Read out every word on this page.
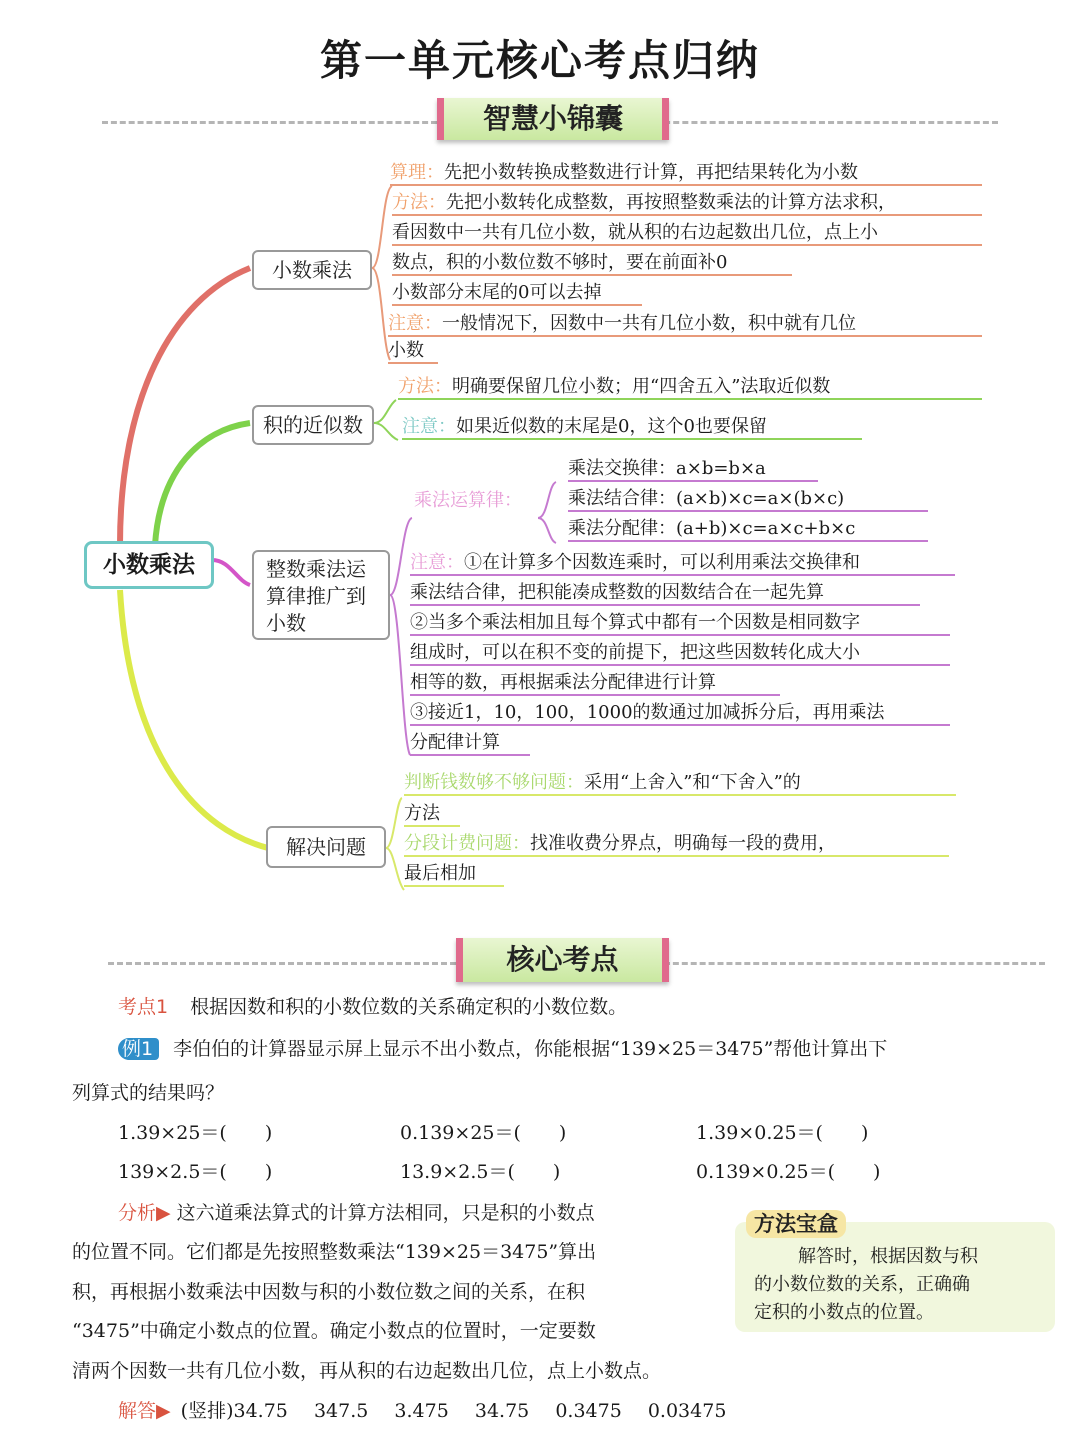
第一单元核心考点归纳
智慧小锦囊
小数乘法
小数乘法
算理：先把小数转换成整数进行计算，再把结果转化为小数
方法：先把小数转化成整数，再按照整数乘法的计算方法求积，
看因数中一共有几位小数，就从积的右边起数出几位，点上小
数点，积的小数位数不够时，要在前面补0
小数部分末尾的0可以去掉
注意：一般情况下，因数中一共有几位小数，积中就有几位
小数
积的近似数
方法：明确要保留几位小数；用“四舍五入”法取近似数
注意：如果近似数的末尾是0，这个0也要保留
整数乘法运
算律推广到
小数
乘法运算律：
乘法交换律：a×b=b×a
乘法结合律：(a×b)×c=a×(b×c)
乘法分配律：(a+b)×c=a×c+b×c
注意：①在计算多个因数连乘时，可以利用乘法交换律和
乘法结合律，把积能凑成整数的因数结合在一起先算
②当多个乘法相加且每个算式中都有一个因数是相同数字
组成时，可以在积不变的前提下，把这些因数转化成大小
相等的数，再根据乘法分配律进行计算
③接近1，10，100，1000的数通过加减拆分后，再用乘法
分配律计算
解决问题
判断钱数够不够问题：采用“上舍入”和“下舍入”的
方法
分段计费问题：找准收费分界点，明确每一段的费用，
最后相加
核心考点
考点1 根据因数和积的小数位数的关系确定积的小数位数。
例1 李伯伯的计算器显示屏上显示不出小数点，你能根据“139×25＝3475”帮他计算出下
列算式的结果吗？
1.39×25＝(　　)	0.139×25＝(　　)	1.39×0.25＝(　　)
139×2.5＝(　　)	13.9×2.5＝(　　)	0.139×0.25＝(　　)
分析▶ 这六道乘法算式的计算方法相同，只是积的小数点
的位置不同。它们都是先按照整数乘法“139×25＝3475”算出
积，再根据小数乘法中因数与积的小数位数之间的关系，在积
“3475”中确定小数点的位置。确定小数点的位置时，一定要数
清两个因数一共有几位小数，再从积的右边起数出几位，点上小数点。
方法宝盒
解答时，根据因数与积
的小数位数的关系，正确确
定积的小数点的位置。
解答▶ (竖排)34.75 347.5 3.475 34.75 0.3475 0.03475
